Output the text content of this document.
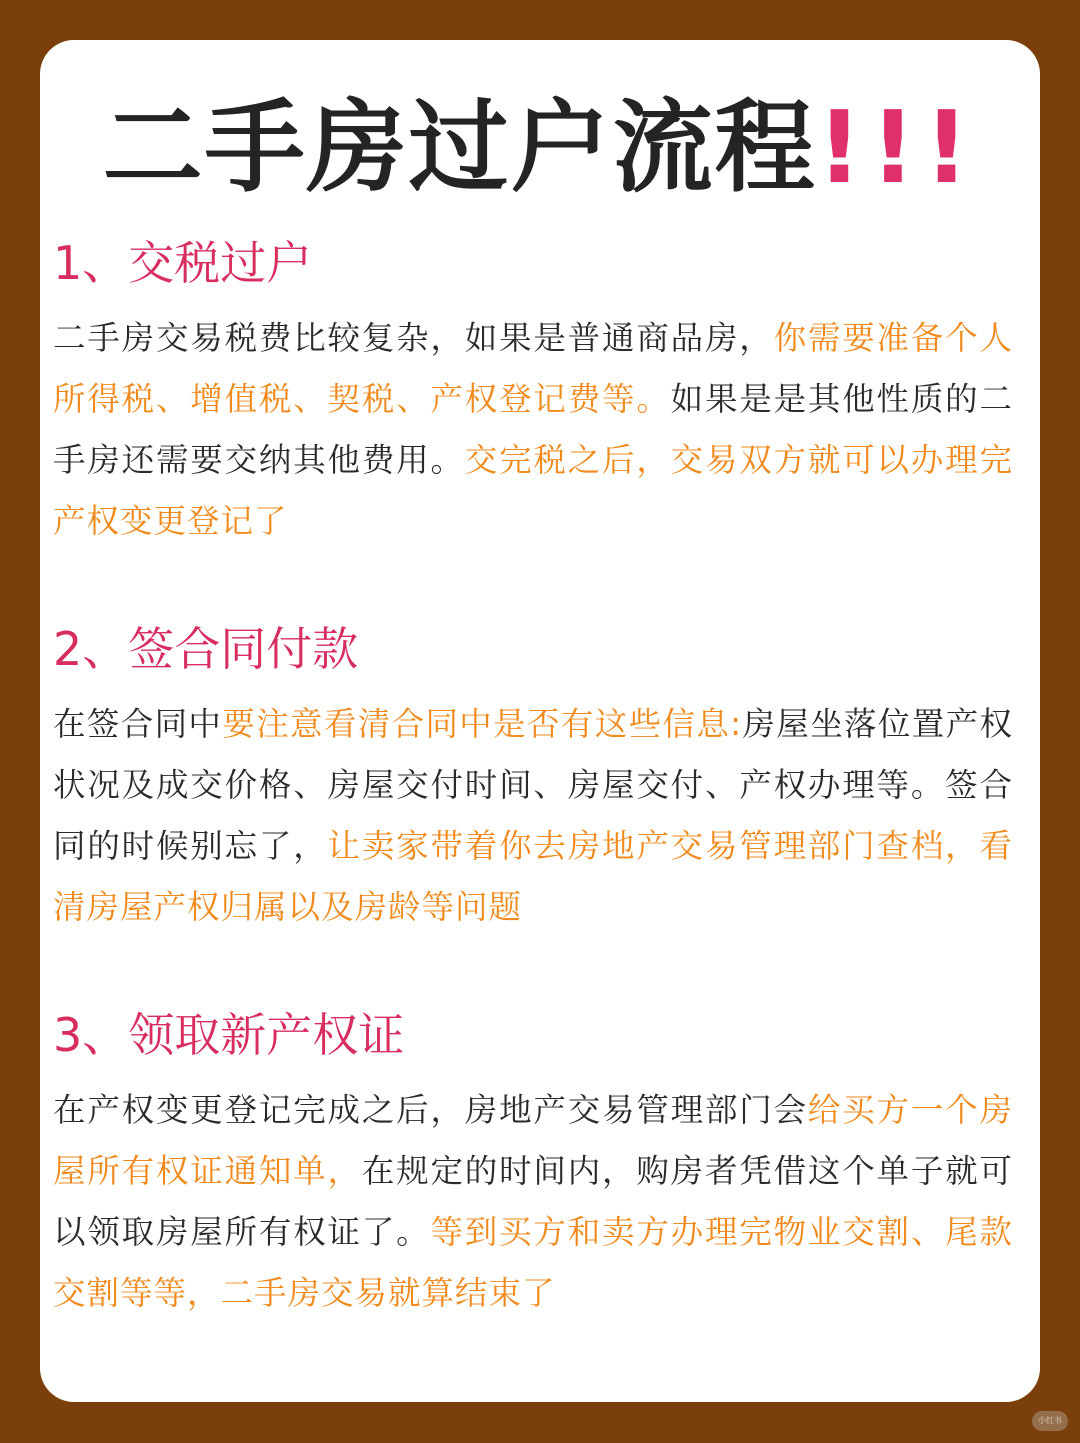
二手房过户流程!!!
1、交税过户

二手房交易税费比较复杂，如果是普通商品房，你需要准备个人所得税、增值税、契税、产权登记费等。如果是是其他性质的二手房还需要交纳其他费用。交完税之后，交易双方就可以办理完产权变更登记了

2、签合同付款

在签合同中要注意看清合同中是否有这些信息:房屋坐落位置产权状况及成交价格、房屋交付时间、房屋交付、产权办理等。签合同的时候别忘了，让卖家带着你去房地产交易管理部门查档，看清房屋产权归属以及房龄等问题

3、领取新产权证

在产权变更登记完成之后，房地产交易管理部门会给买方一个房屋所有权证通知单，在规定的时间内，购房者凭借这个单子就可以领取房屋所有权证了。等到买方和卖方办理完物业交割、尾款交割等等，二手房交易就算结束了

小红书
